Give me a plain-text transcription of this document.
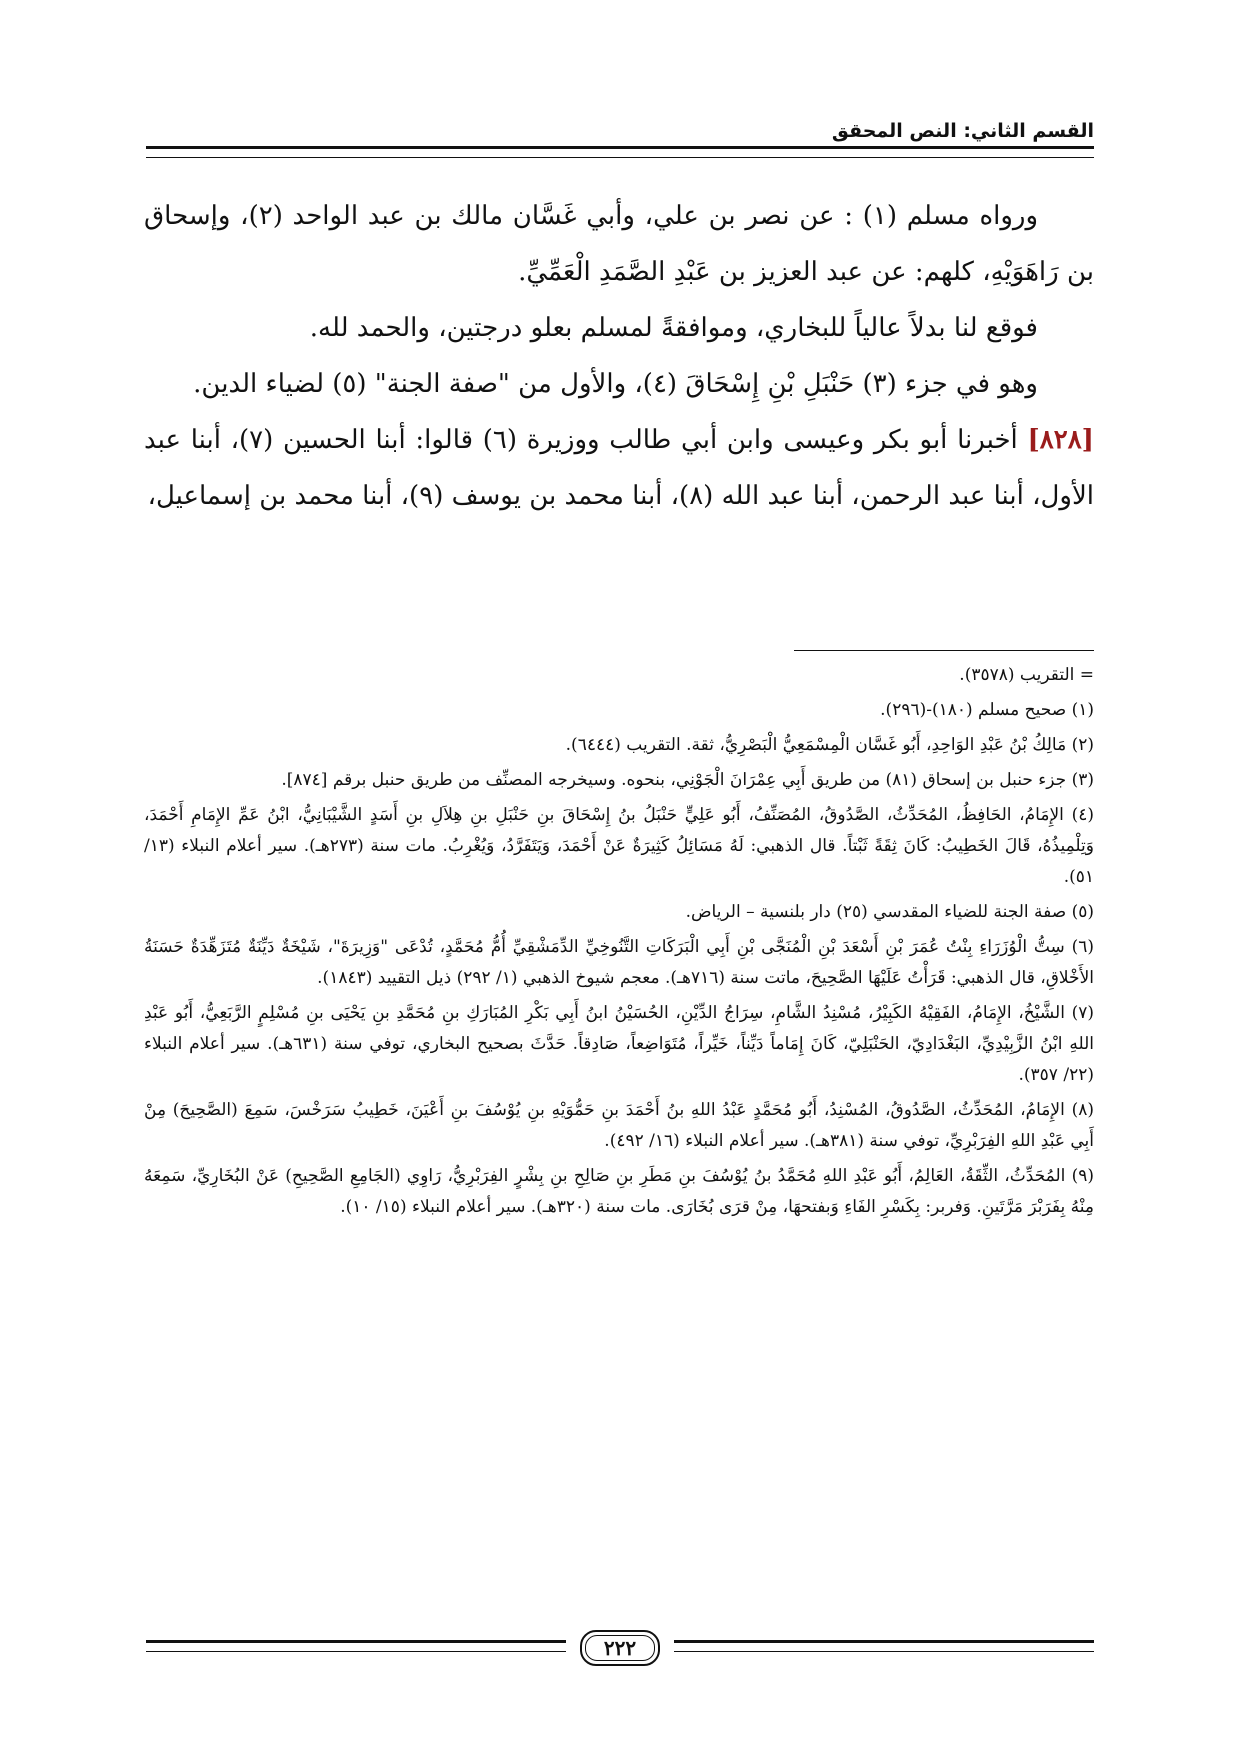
القسم الثاني: النص المحقق

ورواه مسلم (١) : عن نصر بن علي، وأبي غَسَّان مالك بن عبد الواحد (٢)، وإسحاق بن رَاهَوَيْهِ، كلهم: عن عبد العزيز بن عَبْدِ الصَّمَدِ الْعَمِّيِّ.

فوقع لنا بدلاً عالياً للبخاري، وموافقةً لمسلم بعلو درجتين، والحمد لله.

وهو في جزء (٣) حَنْبَلِ بْنِ إِسْحَاقَ (٤)، والأول من "صفة الجنة" (٥) لضياء الدين.

[٨٢٨] أخبرنا أبو بكر وعيسى وابن أبي طالب ووزيرة (٦) قالوا: أبنا الحسين (٧)، أبنا عبد الأول، أبنا عبد الرحمن، أبنا عبد الله (٨)، أبنا محمد بن يوسف (٩)، أبنا محمد بن إسماعيل،

= التقريب (٣٥٧٨).

(١) صحيح مسلم (١٨٠)-(٢٩٦).

(٢) مَالِكُ بْنُ عَبْدِ الوَاحِدِ، أَبُو غَسَّان الْمِسْمَعِيُّ الْبَصْرِيُّ، ثقة. التقريب (٦٤٤٤).

(٣) جزء حنبل بن إسحاق (٨١) من طريق أَبِي عِمْرَانَ الْجَوْنِي، بنحوه. وسيخرجه المصنِّف من طريق حنبل برقم [٨٧٤].

(٤) الإِمَامُ، الحَافِظُ، المُحَدِّثُ، الصَّدُوقُ، المُصَنِّفُ، أَبُو عَلِيٍّ حَنْبَلُ بنُ إِسْحَاقَ بنِ حَنْبَلِ بنِ هِلاَلِ بنِ أَسَدٍ الشَّيْبَانِيُّ، ابْنُ عَمِّ الإِمَامِ أَحْمَدَ، وَتِلْمِيذُهُ، قَالَ الخَطِيبُ: كَانَ ثِقَةً ثَبْتاً. قال الذهبي: لَهُ مَسَائِلُ كَثِيرَةٌ عَنْ أَحْمَدَ، وَيَتَفَرَّدُ، وَيُغْرِبُ. مات سنة (٢٧٣هـ). سير أعلام النبلاء (١٣/ ٥١).

(٥) صفة الجنة للضياء المقدسي (٢٥) دار بلنسية – الرياض.

(٦) سِتُّ الْوُزَرَاءِ بِنْتُ عُمَرَ بْنِ أَسْعَدَ بْنِ الْمُنَجَّى بْنِ أَبِي الْبَرَكَاتِ التَّنُوخِيِّ الدِّمَشْقِيِّ أُمُّ مُحَمَّدٍ، تُدْعَى "وَزِيرَةَ"، شَيْخَةٌ دَيِّنَةٌ مُتَزَهِّدَةٌ حَسَنَةُ الأَخْلاقِ، قال الذهبي: قَرَأْتُ عَلَيْهَا الصَّحِيحَ، ماتت سنة (٧١٦هـ). معجم شيوخ الذهبي (١/ ٢٩٢) ذيل التقييد (١٨٤٣).

(٧) الشَّيْخُ، الإِمَامُ، الفَقِيْهُ الكَبِيْرُ، مُسْنِدُ الشَّامِ، سِرَاجُ الدِّيْنِ، الحُسَيْنُ ابنُ أَبِي بَكْرِ المُبَارَكِ بنِ مُحَمَّدِ بنِ يَحْيَى بنِ مُسْلِمٍ الرَّبَعِيُّ، أَبُو عَبْدِ اللهِ ابْنُ الزَّبِيْدِيِّ، البَغْدَادِيّ، الحَنْبَلِيّ، كَانَ إِمَاماً دَيِّناً، خَيِّراً، مُتَوَاضِعاً، صَادِقاً. حَدَّثَ بصحيح البخاري، توفي سنة (٦٣١هـ). سير أعلام النبلاء (٢٢/ ٣٥٧).

(٨) الإِمَامُ، المُحَدِّثُ، الصَّدُوقُ، المُسْنِدُ، أَبُو مُحَمَّدٍ عَبْدُ اللهِ بنُ أَحْمَدَ بنِ حَمُّوَيْهِ بنِ يُوْسُفَ بنِ أَعْيَنَ، خَطِيبُ سَرَخْسَ، سَمِعَ (الصَّحِيحَ) مِنْ أَبِي عَبْدِ اللهِ الفِرَبْرِيِّ، توفي سنة (٣٨١هـ). سير أعلام النبلاء (١٦/ ٤٩٢).

(٩) المُحَدِّثُ، الثِّقَةُ، العَالِمُ، أَبُو عَبْدِ اللهِ مُحَمَّدُ بنُ يُوْسُفَ بنِ مَطَرِ بنِ صَالِحِ بنِ بِشْرٍ الفِرَبْرِيُّ، رَاوِي (الجَامِعِ الصَّحِيحِ) عَنْ البُخَارِيِّ، سَمِعَهُ مِنْهُ بِفَرَبْرَ مَرَّتَينِ. وَفربر: بِكَسْرِ الفَاءِ وَبفتحهَا، مِنْ قرَى بُخَارَى. مات سنة (٣٢٠هـ). سير أعلام النبلاء (١٥/ ١٠).

٢٢٢
